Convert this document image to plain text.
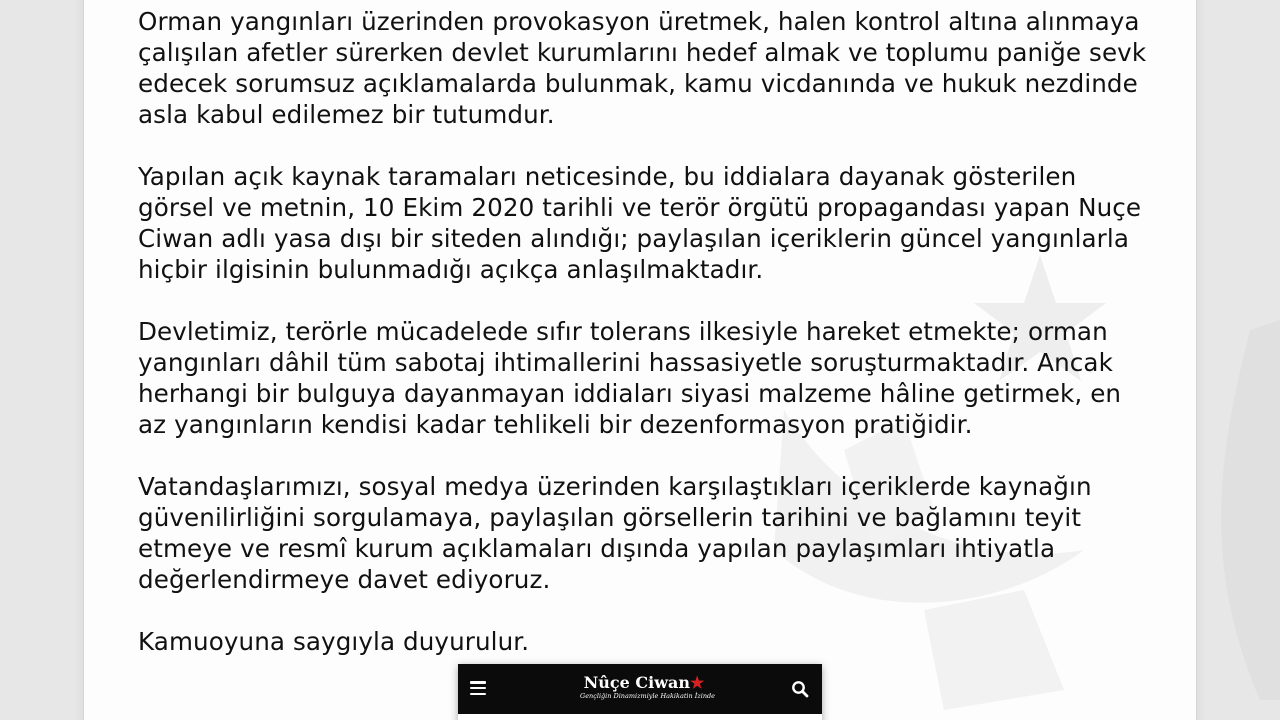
Orman yangınları üzerinden provokasyon üretmek, halen kontrol altına alınmaya
çalışılan afetler sürerken devlet kurumlarını hedef almak ve toplumu paniğe sevk
edecek sorumsuz açıklamalarda bulunmak, kamu vicdanında ve hukuk nezdinde
asla kabul edilemez bir tutumdur.

Yapılan açık kaynak taramaları neticesinde, bu iddialara dayanak gösterilen
görsel ve metnin, 10 Ekim 2020 tarihli ve terör örgütü propagandası yapan Nuçe
Ciwan adlı yasa dışı bir siteden alındığı; paylaşılan içeriklerin güncel yangınlarla
hiçbir ilgisinin bulunmadığı açıkça anlaşılmaktadır.

Devletimiz, terörle mücadelede sıfır tolerans ilkesiyle hareket etmekte; orman
yangınları dâhil tüm sabotaj ihtimallerini hassasiyetle soruşturmaktadır. Ancak
herhangi bir bulguya dayanmayan iddiaları siyasi malzeme hâline getirmek, en
az yangınların kendisi kadar tehlikeli bir dezenformasyon pratiğidir.

Vatandaşlarımızı, sosyal medya üzerinden karşılaştıkları içeriklerde kaynağın
güvenilirliğini sorgulamaya, paylaşılan görsellerin tarihini ve bağlamını teyit
etmeye ve resmî kurum açıklamaları dışında yapılan paylaşımları ihtiyatla
değerlendirmeye davet ediyoruz.

Kamuoyuna saygıyla duyurulur.

Nûçe Ciwan★
Gençliğin Dinamizmiyle Hakikatin İzinde
